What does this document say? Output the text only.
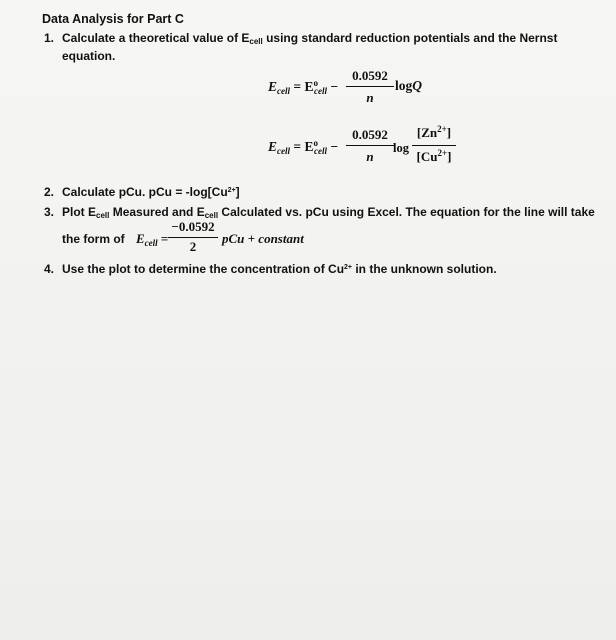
Data Analysis for Part C
1. Calculate a theoretical value of Ecell using standard reduction potentials and the Nernst
equation.
$E_{cell} = E^o_{cell}$ −
0.0592
n
logQ
$E_{cell} = E^o_{cell}$ −
0.0592
n
log
$[Zn^{2+}]$
$[Cu^{2+}]$
2. Calculate pCu. pCu = $-\log[Cu^{2+}]$
3. Plot Ecell Measured and Ecell Calculated vs. pCu using Excel. The equation for the line will take
the form of $E_{cell}$ =
−0.0592
2
pCu + constant
4. Use the plot to determine the concentration of $Cu^{2+}$ in the unknown solution.
